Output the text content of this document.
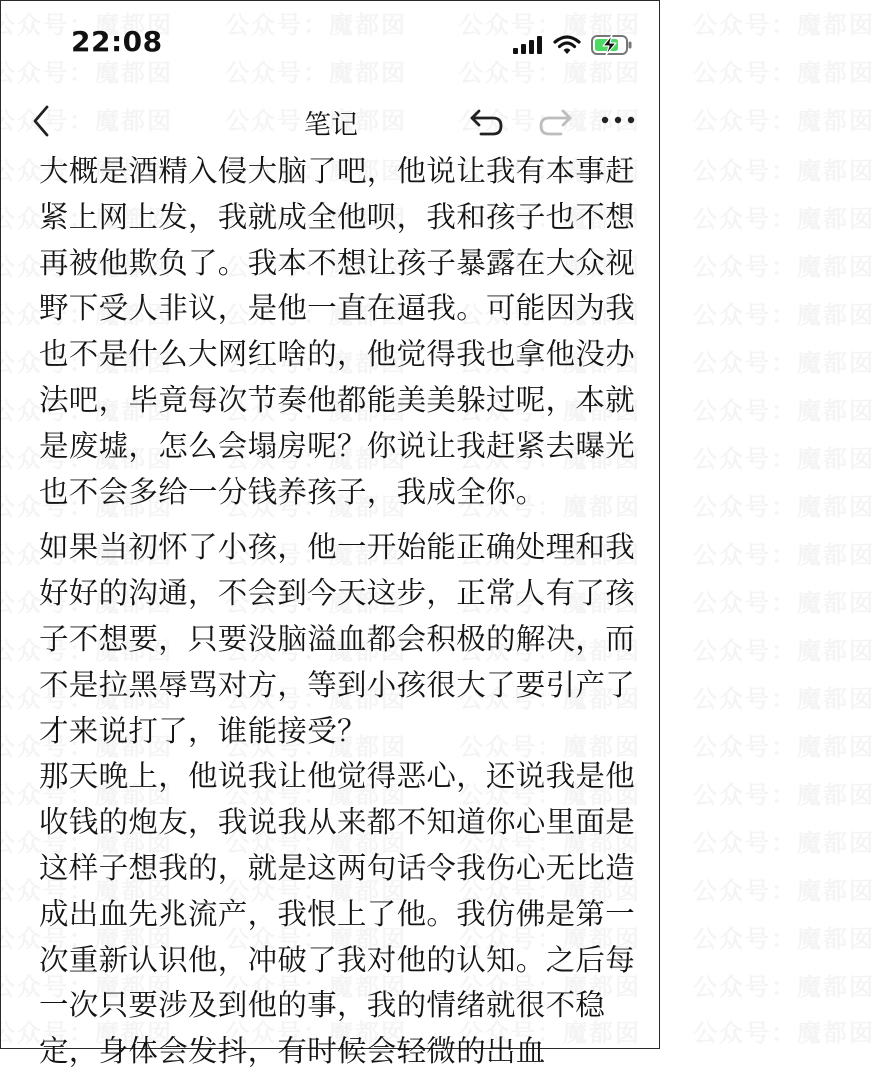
22:08
笔记

大概是酒精入侵大脑了吧，他说让我有本事赶
紧上网上发，我就成全他呗，我和孩子也不想
再被他欺负了。我本不想让孩子暴露在大众视
野下受人非议，是他一直在逼我。可能因为我
也不是什么大网红啥的，他觉得我也拿他没办
法吧，毕竟每次节奏他都能美美躲过呢，本就
是废墟，怎么会塌房呢？你说让我赶紧去曝光
也不会多给一分钱养孩子，我成全你。

如果当初怀了小孩，他一开始能正确处理和我
好好的沟通，不会到今天这步，正常人有了孩
子不想要，只要没脑溢血都会积极的解决，而
不是拉黑辱骂对方，等到小孩很大了要引产了
才来说打了，谁能接受？

那天晚上，他说我让他觉得恶心，还说我是他
收钱的炮友，我说我从来都不知道你心里面是
这样子想我的，就是这两句话令我伤心无比造
成出血先兆流产，我恨上了他。我仿佛是第一
次重新认识他，冲破了我对他的认知。之后每
一次只要涉及到他的事，我的情绪就很不稳
定，身体会发抖，有时候会轻微的出血
